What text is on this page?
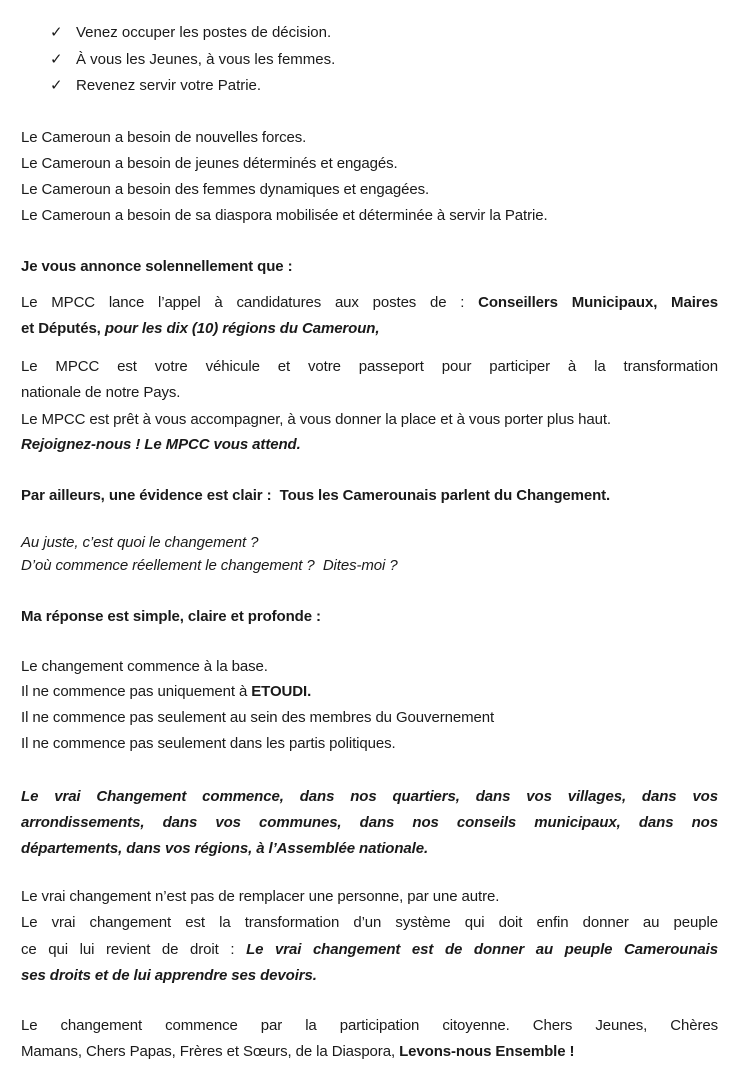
✓ Venez occuper les postes de décision.
✓ À vous les Jeunes, à vous les femmes.
✓ Revenez servir votre Patrie.
Le Cameroun a besoin de nouvelles forces.
Le Cameroun a besoin de jeunes déterminés et engagés.
Le Cameroun a besoin des femmes dynamiques et engagées.
Le Cameroun a besoin de sa diaspora mobilisée et déterminée à servir la Patrie.
Je vous annonce solennellement que :
Le MPCC lance l’appel à candidatures aux postes de : Conseillers Municipaux, Maires
et Députés, pour les dix (10) régions du Cameroun,
Le MPCC est votre véhicule et votre passeport pour participer à la transformation
nationale de notre Pays.
Le MPCC est prêt à vous accompagner, à vous donner la place et à vous porter plus haut.
Rejoignez-nous ! Le MPCC vous attend.
Par ailleurs, une évidence est clair : Tous les Camerounais parlent du Changement.
Au juste, c’est quoi le changement ?
D’où commence réellement le changement ? Dites-moi ?
Ma réponse est simple, claire et profonde :
Le changement commence à la base.
Il ne commence pas uniquement à ETOUDI.
Il ne commence pas seulement au sein des membres du Gouvernement
Il ne commence pas seulement dans les partis politiques.
Le vrai Changement commence, dans nos quartiers, dans vos villages, dans vos
arrondissements, dans vos communes, dans nos conseils municipaux, dans nos
départements, dans vos régions, à l’Assemblée nationale.
Le vrai changement n’est pas de remplacer une personne, par une autre.
Le vrai changement est la transformation d’un système qui doit enfin donner au peuple
ce qui lui revient de droit : Le vrai changement est de donner au peuple Camerounais
ses droits et de lui apprendre ses devoirs.
Le changement commence par la participation citoyenne. Chers Jeunes, Chères
Mamans, Chers Papas, Frères et Sœurs, de la Diaspora, Levons-nous Ensemble !
